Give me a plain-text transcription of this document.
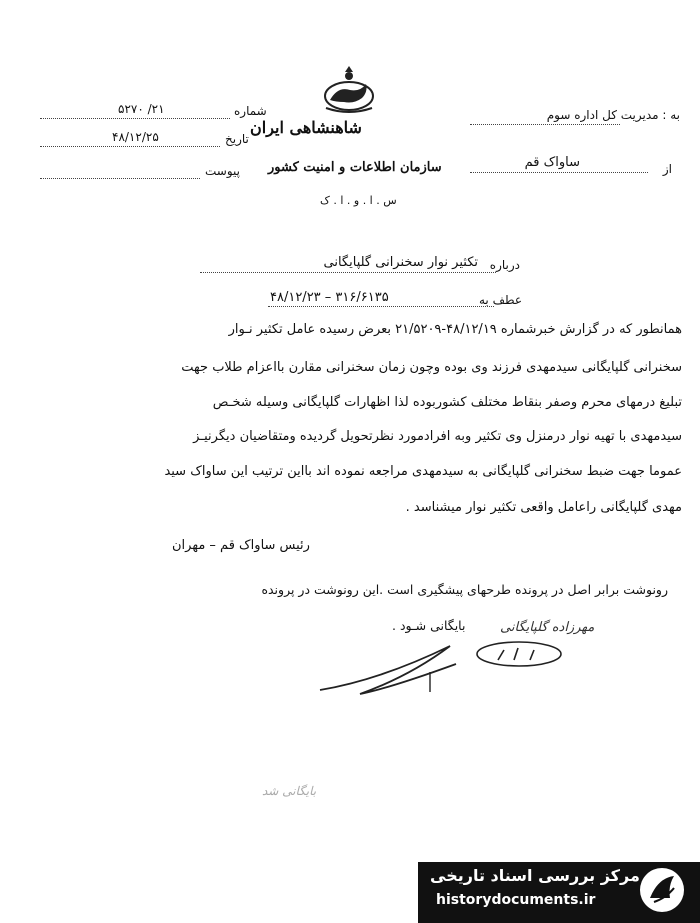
به : مدیریت کل اداره سوم
از
ساواک قم
شماره
۲۱/ ۵۲۷۰
تاریخ
۴۸/۱۲/۲۵
پیوست
شاهنشاهی ایران
سازمان اطلاعات و امنیت کشور
س . ا . و . ا . ک
درباره
تکثیر نوار سخنرانی گلپایگانی
عطف به
۴۸/۱۲/۲۳ – ۳۱۶/۶۱۳۵
همانطور که در گزارش خبرشماره ۴۸/۱۲/۱۹-۲۱/۵۲۰۹ بعرض رسیده عامل تکثیر نـوار
سخنرانی گلپایگانی سیدمهدی فرزند وی بوده وچون زمان سخنرانی مقارن بااعزام طلاب جهت
تبلیغ درمهای محرم وصفر بنقاط مختلف کشوربوده لذا اظهارات گلپایگانی وسیله شخـص
سیدمهدی با تهیه نوار درمنزل وی تکثیر وبه افرادمورد نظرتحویل گردیده ومتقاضیان دیگرنیـز
عموما جهت ضبط سخنرانی گلپایگانی به سیدمهدی مراجعه نموده اند بااین ترتیب این ساواک سید
مهدی گلپایگانی راعامل واقعی تکثیر نوار میشناسد .
رئیس ساواک قم – مهران
رونوشت برابر اصل در پرونده طرحهای پیشگیری است .این رونوشت در پرونده
بایگانی شـود .	مهرزاده گلپایگانی
بایگانی شد
مرکز بررسی اسناد تاریخی
historydocuments.ir
